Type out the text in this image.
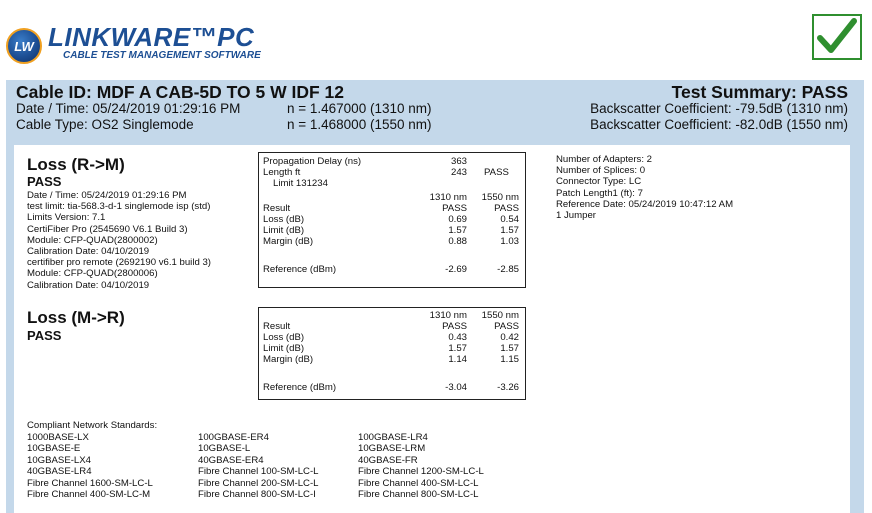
LW LINKWARE™PC
CABLE TEST MANAGEMENT SOFTWARE
Cable ID: MDF A CAB-5D TO 5 W IDF 12
Date / Time: 05/24/2019 01:29:16 PM
Cable Type: OS2 Singlemode
n = 1.467000 (1310 nm)
n = 1.468000 (1550 nm)
Test Summary: PASS
Backscatter Coefficient: -79.5dB (1310 nm)
Backscatter Coefficient: -82.0dB (1550 nm)
Loss (R->M)
PASS
Date / Time: 05/24/2019 01:29:16 PM
test limit: tia-568.3-d-1 singlemode isp (std)
Limits Version: 7.1
CertiFiber Pro (2545690 V6.1 Build 3)
Module: CFP-QUAD(2800002)
Calibration Date: 04/10/2019
certifiber pro remote (2692190 v6.1 build 3)
Module: CFP-QUAD(2800006)
Calibration Date: 04/10/2019
Propagation Delay (ns)	363
Length ft	243 PASS
Limit 131234
1310 nm	1550 nm
Result	PASS	PASS
Loss (dB)	0.69	0.54
Limit (dB)	1.57	1.57
Margin (dB)	0.88	1.03
Reference (dBm)	-2.69	-2.85
Number of Adapters: 2
Number of Splices: 0
Connector Type: LC
Patch Length1 (ft): 7
Reference Date: 05/24/2019 10:47:12 AM
1 Jumper
Loss (M->R)
PASS
1310 nm	1550 nm
Result	PASS	PASS
Loss (dB)	0.43	0.42
Limit (dB)	1.57	1.57
Margin (dB)	1.14	1.15
Reference (dBm)	-3.04	-3.26
Compliant Network Standards:
1000BASE-LX
10GBASE-E
10GBASE-LX4
40GBASE-LR4
Fibre Channel 1600-SM-LC-L
Fibre Channel 400-SM-LC-M
100GBASE-ER4
10GBASE-L
40GBASE-ER4
Fibre Channel 100-SM-LC-L
Fibre Channel 200-SM-LC-L
Fibre Channel 800-SM-LC-I
100GBASE-LR4
10GBASE-LRM
40GBASE-FR
Fibre Channel 1200-SM-LC-L
Fibre Channel 400-SM-LC-L
Fibre Channel 800-SM-LC-L
